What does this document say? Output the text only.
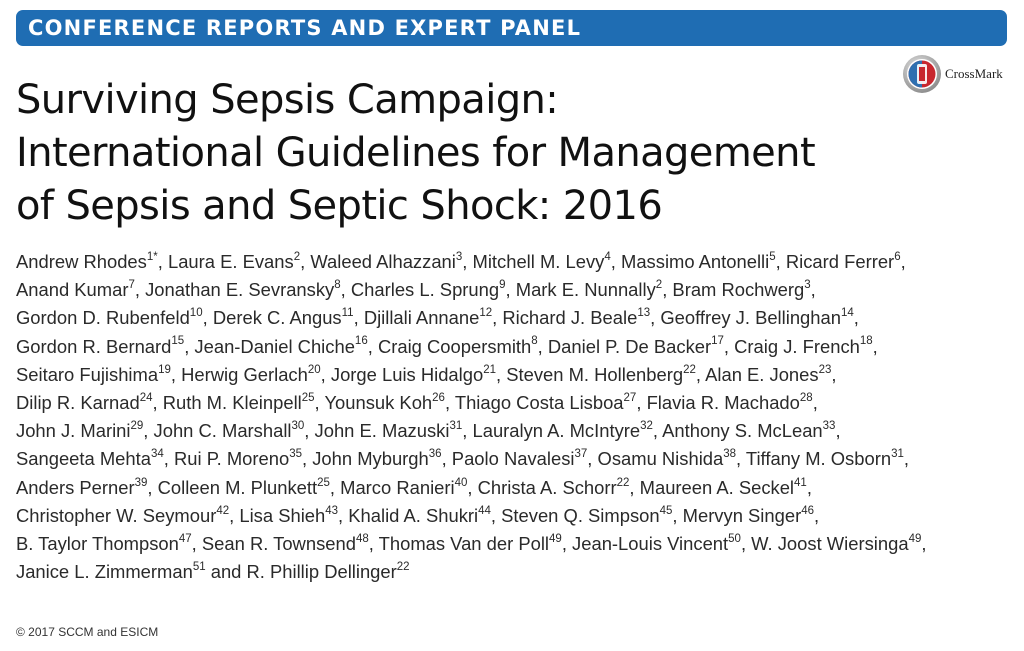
CONFERENCE REPORTS AND EXPERT PANEL
CrossMark
Surviving Sepsis Campaign:
International Guidelines for Management
of Sepsis and Septic Shock: 2016
Andrew Rhodes$^{1*}$, Laura E. Evans$^2$, Waleed Alhazzani$^3$, Mitchell M. Levy$^4$, Massimo Antonelli$^5$, Ricard Ferrer$^6$,
Anand Kumar$^7$, Jonathan E. Sevransky$^8$, Charles L. Sprung$^9$, Mark E. Nunnally$^2$, Bram Rochwerg$^3$,
Gordon D. Rubenfeld$^{10}$, Derek C. Angus$^{11}$, Djillali Annane$^{12}$, Richard J. Beale$^{13}$, Geoffrey J. Bellinghan$^{14}$,
Gordon R. Bernard$^{15}$, Jean-Daniel Chiche$^{16}$, Craig Coopersmith$^8$, Daniel P. De Backer$^{17}$, Craig J. French$^{18}$,
Seitaro Fujishima$^{19}$, Herwig Gerlach$^{20}$, Jorge Luis Hidalgo$^{21}$, Steven M. Hollenberg$^{22}$, Alan E. Jones$^{23}$,
Dilip R. Karnad$^{24}$, Ruth M. Kleinpell$^{25}$, Younsuk Koh$^{26}$, Thiago Costa Lisboa$^{27}$, Flavia R. Machado$^{28}$,
John J. Marini$^{29}$, John C. Marshall$^{30}$, John E. Mazuski$^{31}$, Lauralyn A. McIntyre$^{32}$, Anthony S. McLean$^{33}$,
Sangeeta Mehta$^{34}$, Rui P. Moreno$^{35}$, John Myburgh$^{36}$, Paolo Navalesi$^{37}$, Osamu Nishida$^{38}$, Tiffany M. Osborn$^{31}$,
Anders Perner$^{39}$, Colleen M. Plunkett$^{25}$, Marco Ranieri$^{40}$, Christa A. Schorr$^{22}$, Maureen A. Seckel$^{41}$,
Christopher W. Seymour$^{42}$, Lisa Shieh$^{43}$, Khalid A. Shukri$^{44}$, Steven Q. Simpson$^{45}$, Mervyn Singer$^{46}$,
B. Taylor Thompson$^{47}$, Sean R. Townsend$^{48}$, Thomas Van der Poll$^{49}$, Jean-Louis Vincent$^{50}$, W. Joost Wiersinga$^{49}$,
Janice L. Zimmerman$^{51}$ and R. Phillip Dellinger$^{22}$
© 2017 SCCM and ESICM
